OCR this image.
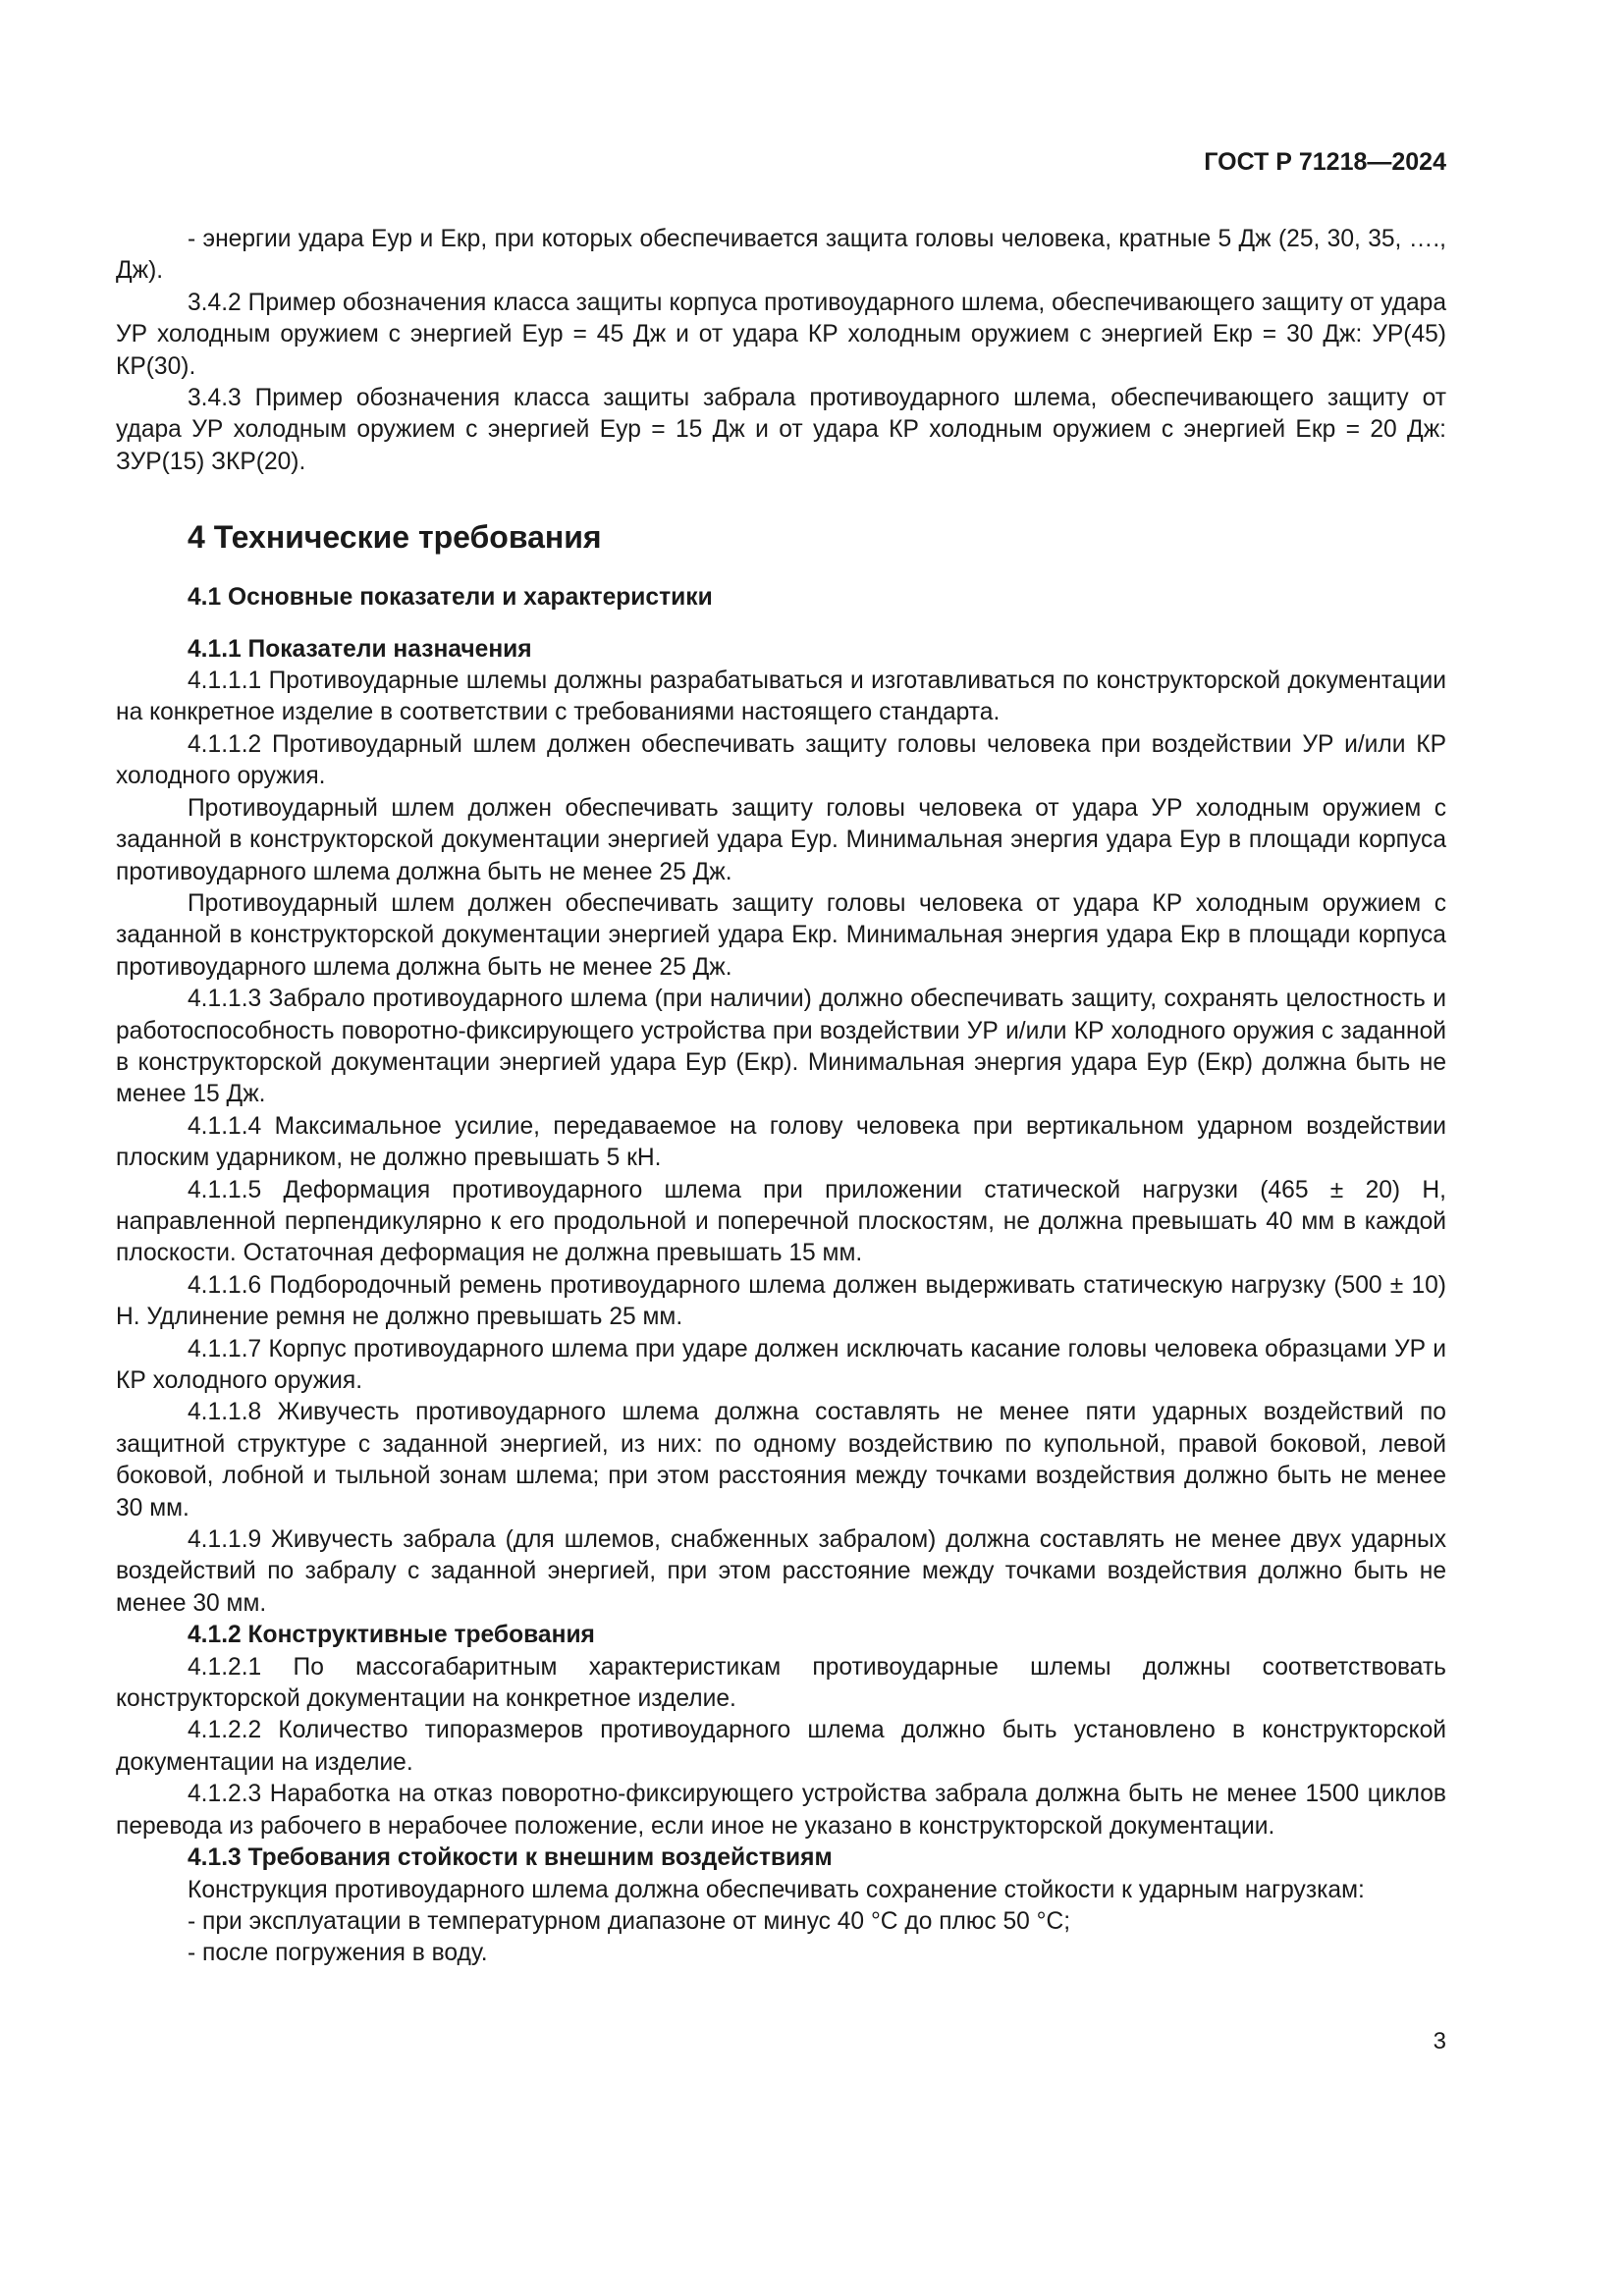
ГОСТ Р 71218—2024

- энергии удара Eур и Eкр, при которых обеспечивается защита головы человека, кратные 5 Дж (25, 30, 35, …., Дж).

3.4.2 Пример обозначения класса защиты корпуса противоударного шлема, обеспечивающего защиту от удара УР холодным оружием с энергией Eур = 45 Дж и от удара КР холодным оружием с энергией Eкр = 30 Дж: УР(45) КР(30).

3.4.3 Пример обозначения класса защиты забрала противоударного шлема, обеспечивающего защиту от удара УР холодным оружием с энергией Eур = 15 Дж и от удара КР холодным оружием с энергией Eкр = 20 Дж: ЗУР(15) ЗКР(20).

4 Технические требования
4.1 Основные показатели и характеристики
4.1.1 Показатели назначения

4.1.1.1 Противоударные шлемы должны разрабатываться и изготавливаться по конструкторской документации на конкретное изделие в соответствии с требованиями настоящего стандарта.

4.1.1.2 Противоударный шлем должен обеспечивать защиту головы человека при воздействии УР и/или КР холодного оружия.

Противоударный шлем должен обеспечивать защиту головы человека от удара УР холодным оружием с заданной в конструкторской документации энергией удара Eур. Минимальная энергия удара Eур в площади корпуса противоударного шлема должна быть не менее 25 Дж.

Противоударный шлем должен обеспечивать защиту головы человека от удара КР холодным оружием с заданной в конструкторской документации энергией удара Eкр. Минимальная энергия удара Eкр в площади корпуса противоударного шлема должна быть не менее 25 Дж.

4.1.1.3 Забрало противоударного шлема (при наличии) должно обеспечивать защиту, сохранять целостность и работоспособность поворотно-фиксирующего устройства при воздействии УР и/или КР холодного оружия с заданной в конструкторской документации энергией удара Eур (Eкр). Минимальная энергия удара Eур (Eкр) должна быть не менее 15 Дж.

4.1.1.4 Максимальное усилие, передаваемое на голову человека при вертикальном ударном воздействии плоским ударником, не должно превышать 5 кН.

4.1.1.5 Деформация противоударного шлема при приложении статической нагрузки (465 ± 20) Н, направленной перпендикулярно к его продольной и поперечной плоскостям, не должна превышать 40 мм в каждой плоскости. Остаточная деформация не должна превышать 15 мм.

4.1.1.6 Подбородочный ремень противоударного шлема должен выдерживать статическую нагрузку (500 ± 10) Н. Удлинение ремня не должно превышать 25 мм.

4.1.1.7 Корпус противоударного шлема при ударе должен исключать касание головы человека образцами УР и КР холодного оружия.

4.1.1.8 Живучесть противоударного шлема должна составлять не менее пяти ударных воздействий по защитной структуре с заданной энергией, из них: по одному воздействию по купольной, правой боковой, левой боковой, лобной и тыльной зонам шлема; при этом расстояния между точками воздействия должно быть не менее 30 мм.

4.1.1.9 Живучесть забрала (для шлемов, снабженных забралом) должна составлять не менее двух ударных воздействий по забралу с заданной энергией, при этом расстояние между точками воздействия должно быть не менее 30 мм.

4.1.2 Конструктивные требования

4.1.2.1 По массогабаритным характеристикам противоударные шлемы должны соответствовать конструкторской документации на конкретное изделие.

4.1.2.2 Количество типоразмеров противоударного шлема должно быть установлено в конструкторской документации на изделие.

4.1.2.3 Наработка на отказ поворотно-фиксирующего устройства забрала должна быть не менее 1500 циклов перевода из рабочего в нерабочее положение, если иное не указано в конструкторской документации.

4.1.3 Требования стойкости к внешним воздействиям

Конструкция противоударного шлема должна обеспечивать сохранение стойкости к ударным нагрузкам:

- при эксплуатации в температурном диапазоне от минус 40 °С до плюс 50 °С;

- после погружения в воду.

3
